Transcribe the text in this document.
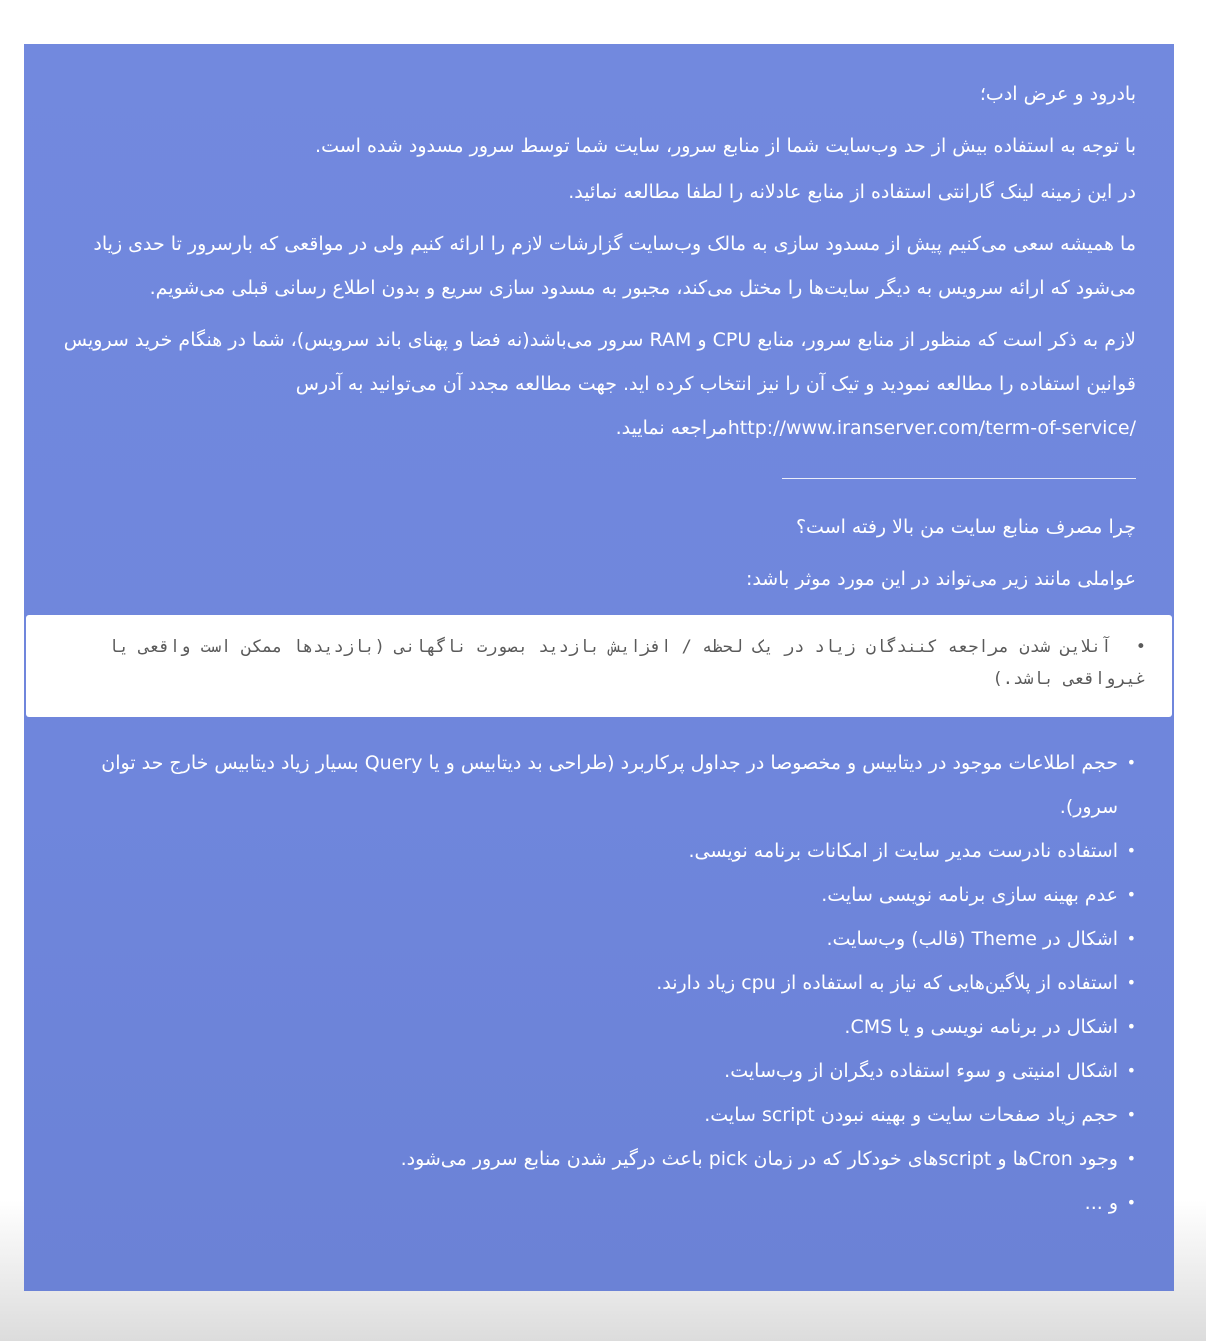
بادرود و عرض ادب؛

با توجه به استفاده بیش از حد وب‌سایت شما از منابع سرور، سایت شما توسط سرور مسدود شده است.

در این زمینه لینک گارانتی استفاده از منابع عادلانه را لطفا مطالعه نمائید.

ما همیشه سعی می‌کنیم پیش از مسدود سازی به مالک وب‌سایت گزارشات لازم را ارائه کنیم ولی در مواقعی که بارسرور تا حدی زیاد می‌شود که ارائه سرویس به دیگر سایت‌ها را مختل می‌کند، مجبور به مسدود سازی سریع و بدون اطلاع رسانی قبلی می‌شویم.

لازم به ذکر است که منظور از منابع سرور، منابع CPU و RAM سرور می‌باشد(نه فضا و پهنای باند سرویس)، شما در هنگام خرید سرویس قوانین استفاده را مطالعه نمودید و تیک آن را نیز انتخاب کرده اید. جهت مطالعه مجدد آن می‌توانید به آدرس http://www.iranserver.com/term-of-service/مراجعه نمایید.

چرا مصرف منابع سایت من بالا رفته است؟

عواملی مانند زیر می‌تواند در این مورد موثر باشد:

• آنلاین شدن مراجعه کنندگان زیاد در یک لحظه / افزایش بازدید بصورت ناگهانی (بازدیدها ممکن است واقعی یا غیرواقعی باشد.)
• حجم اطلاعات موجود در دیتابیس و مخصوصا در جداول پرکاربرد (طراحی بد دیتابیس و یا Query بسیار زیاد دیتابیس خارج حد توان سرور).
• استفاده نادرست مدیر سایت از امکانات برنامه نویسی.
• عدم بهینه سازی برنامه نویسی سایت.
• اشکال در Theme (قالب) وب‌سایت.
• استفاده از پلاگین‌هایی که نیاز به استفاده از cpu زیاد دارند.
• اشکال در برنامه نویسی و یا CMS.
• اشکال امنیتی و سوء استفاده دیگران از وب‌سایت.
• حجم زیاد صفحات سایت و بهینه نبودن script سایت.
• وجود Cronها و scriptهای خودکار که در زمان pick باعث درگیر شدن منابع سرور می‌شود.
• و ...
